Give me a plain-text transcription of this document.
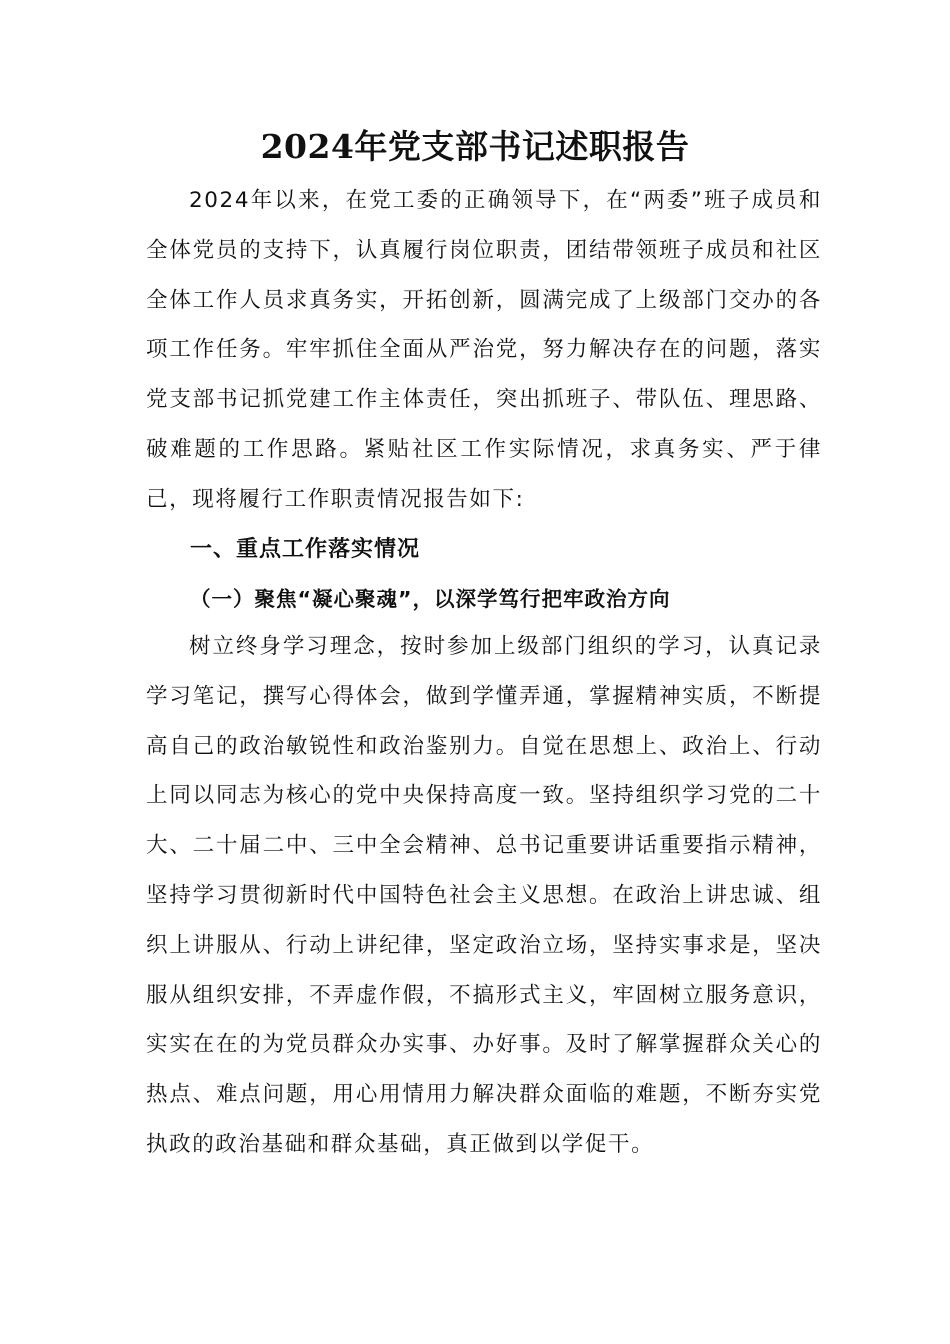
2024年党支部书记述职报告

2024年以来，在党工委的正确领导下，在“两委”班子成员和全体党员的支持下，认真履行岗位职责，团结带领班子成员和社区全体工作人员求真务实，开拓创新，圆满完成了上级部门交办的各项工作任务。牢牢抓住全面从严治党，努力解决存在的问题，落实党支部书记抓党建工作主体责任，突出抓班子、带队伍、理思路、破难题的工作思路。紧贴社区工作实际情况，求真务实、严于律己，现将履行工作职责情况报告如下:

一、重点工作落实情况
（一）聚焦“凝心聚魂”，以深学笃行把牢政治方向

树立终身学习理念，按时参加上级部门组织的学习，认真记录学习笔记，撰写心得体会，做到学懂弄通，掌握精神实质，不断提高自己的政治敏锐性和政治鉴别力。自觉在思想上、政治上、行动上同以同志为核心的党中央保持高度一致。坚持组织学习党的二十大、二十届二中、三中全会精神、总书记重要讲话重要指示精神，坚持学习贯彻新时代中国特色社会主义思想。在政治上讲忠诚、组织上讲服从、行动上讲纪律，坚定政治立场，坚持实事求是，坚决服从组织安排，不弄虚作假，不搞形式主义，牢固树立服务意识，实实在在的为党员群众办实事、办好事。及时了解掌握群众关心的热点、难点问题，用心用情用力解决群众面临的难题，不断夯实党执政的政治基础和群众基础，真正做到以学促干。
